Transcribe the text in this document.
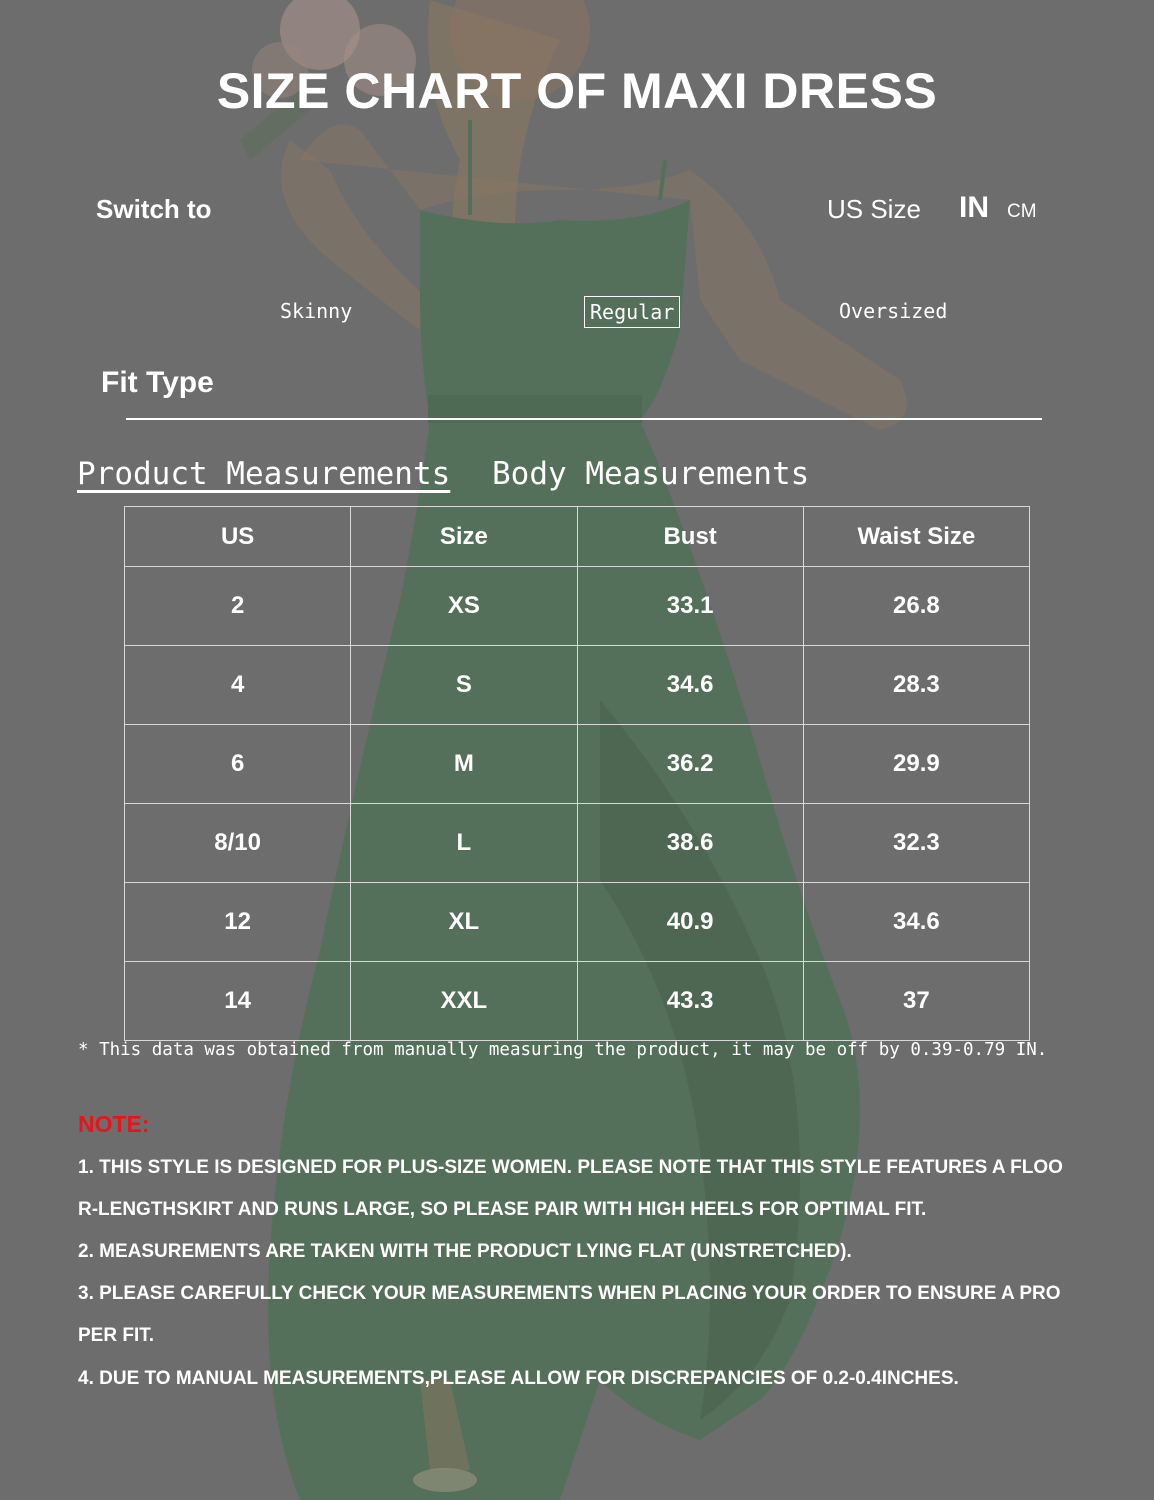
SIZE CHART OF MAXI DRESS
Switch to	US Size IN CM
Skinny	Regular	Oversized
Fit Type
Product Measurements Body Measurements
US	Size	Bust	Waist Size
2	XS	33.1	26.8
4	S	34.6	28.3
6	M	36.2	29.9
8/10	L	38.6	32.3
12	XL	40.9	34.6
14	XXL	43.3	37
* This data was obtained from manually measuring the product, it may be off by 0.39-0.79 IN.
NOTE:
1. THIS STYLE IS DESIGNED FOR PLUS-SIZE WOMEN. PLEASE NOTE THAT THIS STYLE FEATURES A FLOO
R-LENGTHSKIRT AND RUNS LARGE, SO PLEASE PAIR WITH HIGH HEELS FOR OPTIMAL FIT.
2. MEASUREMENTS ARE TAKEN WITH THE PRODUCT LYING FLAT (UNSTRETCHED).
3. PLEASE CAREFULLY CHECK YOUR MEASUREMENTS WHEN PLACING YOUR ORDER TO ENSURE A PRO
PER FIT.
4. DUE TO MANUAL MEASUREMENTS,PLEASE ALLOW FOR DISCREPANCIES OF 0.2-0.4INCHES.
